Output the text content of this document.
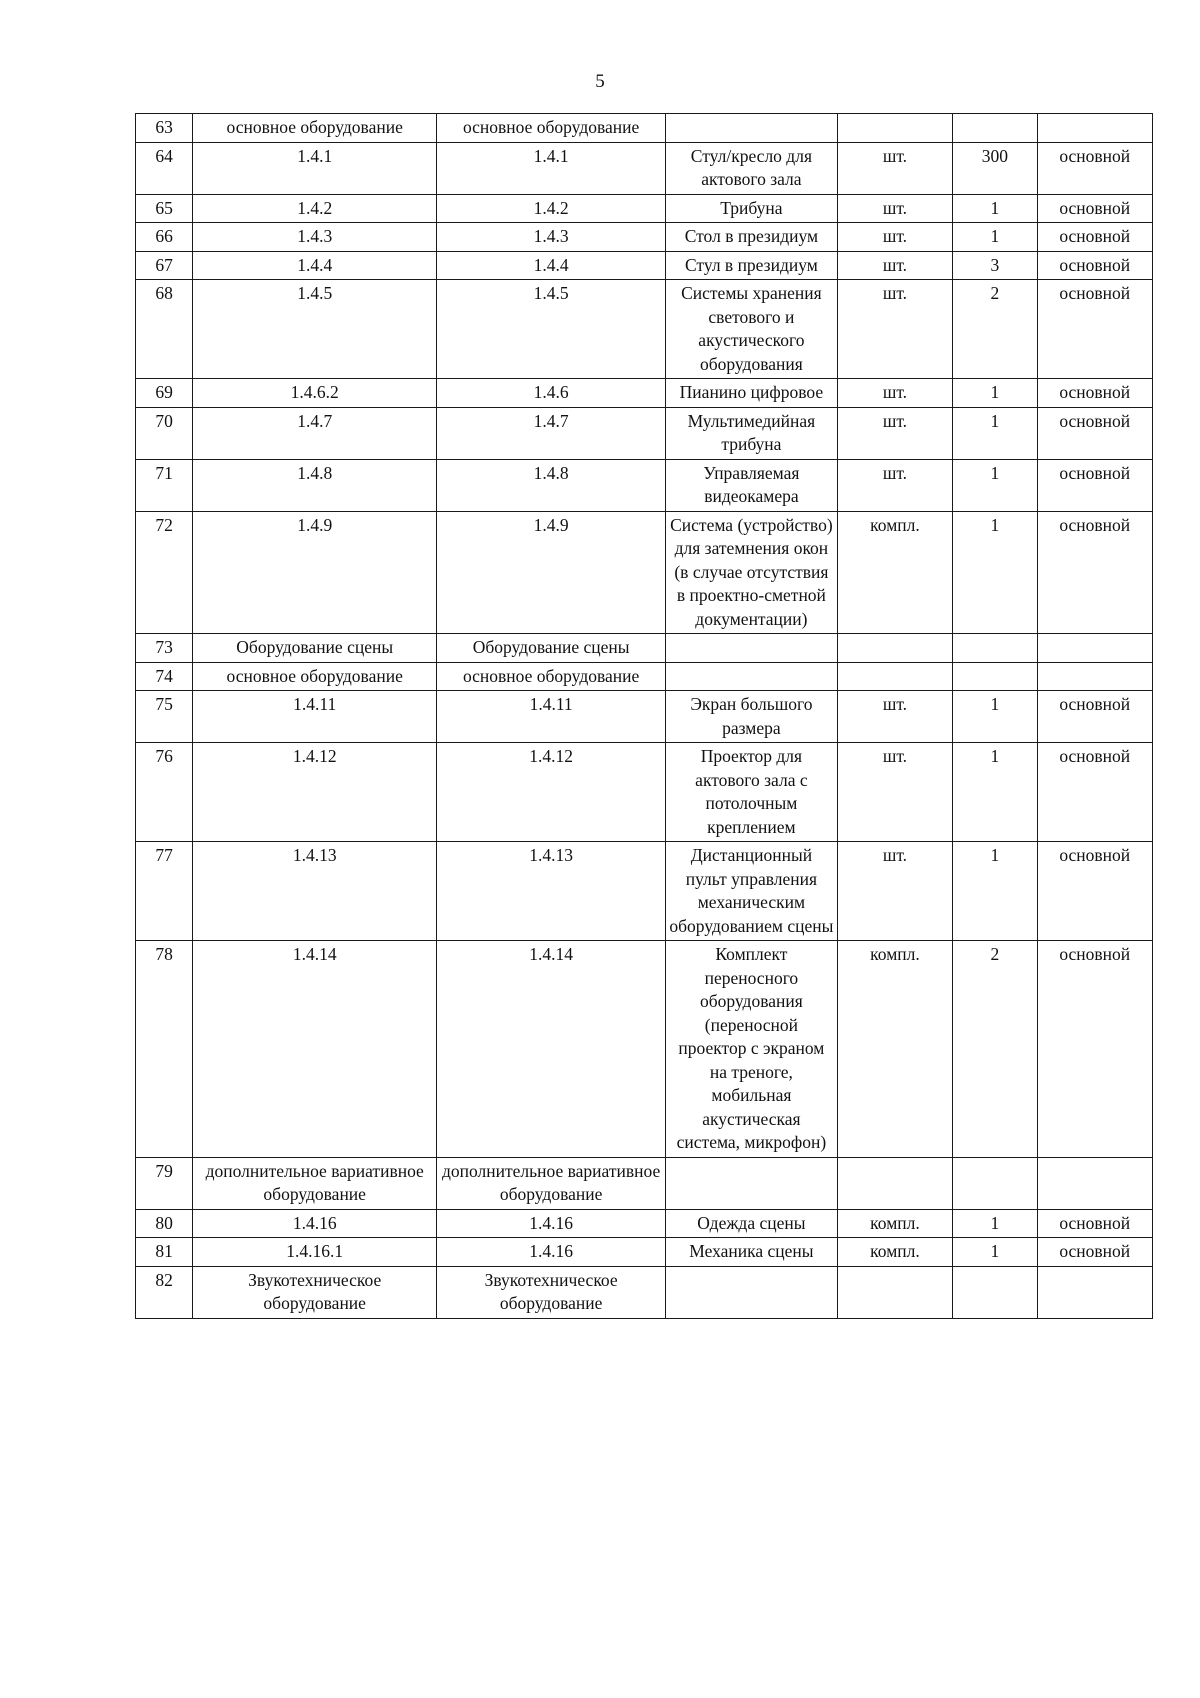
5
63	основное оборудование	основное оборудование				
64	1.4.1	1.4.1	Стул/кресло для актового зала	шт.	300	основной
65	1.4.2	1.4.2	Трибуна	шт.	1	основной
66	1.4.3	1.4.3	Стол в президиум	шт.	1	основной
67	1.4.4	1.4.4	Стул в президиум	шт.	3	основной
68	1.4.5	1.4.5	Системы хранения светового и акустического оборудования	шт.	2	основной
69	1.4.6.2	1.4.6	Пианино цифровое	шт.	1	основной
70	1.4.7	1.4.7	Мультимедийная трибуна	шт.	1	основной
71	1.4.8	1.4.8	Управляемая видеокамера	шт.	1	основной
72	1.4.9	1.4.9	Система (устройство) для затемнения окон (в случае отсутствия в проектно-сметной документации)	компл.	1	основной
73	Оборудование сцены	Оборудование сцены				
74	основное оборудование	основное оборудование				
75	1.4.11	1.4.11	Экран большого размера	шт.	1	основной
76	1.4.12	1.4.12	Проектор для актового зала с потолочным креплением	шт.	1	основной
77	1.4.13	1.4.13	Дистанционный пульт управления механическим оборудованием сцены	шт.	1	основной
78	1.4.14	1.4.14	Комплект переносного оборудования (переносной проектор с экраном на треноге, мобильная акустическая система, микрофон)	компл.	2	основной
79	дополнительное вариативное оборудование	дополнительное вариативное оборудование				
80	1.4.16	1.4.16	Одежда сцены	компл.	1	основной
81	1.4.16.1	1.4.16	Механика сцены	компл.	1	основной
82	Звукотехническое оборудование	Звукотехническое оборудование				
